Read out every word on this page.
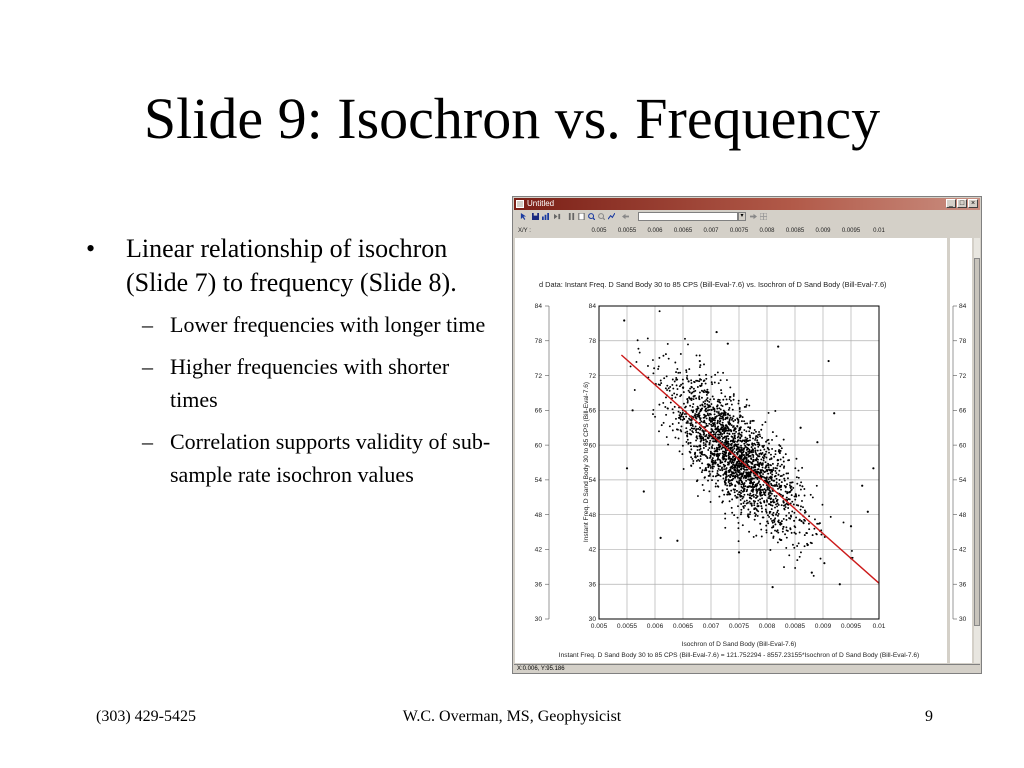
Slide 9: Isochron vs. Frequency
• Linear relationship of isochron (Slide 7) to frequency (Slide 8).
– Lower frequencies with longer time
– Higher frequencies with shorter times
– Correlation supports validity of sub-sample rate isochron values
(303) 429-5425	W.C. Overman, MS, Geophysicist	9
Untitled	_ □ ×
▾
X/Y :	0.005 0.0055 0.006 0.0065 0.007 0.0075 0.008 0.0085 0.009 0.0095 0.01
d Data: Instant Freq. D Sand Body 30 to 85 CPS (Bill-Eval-7.6) vs. Isochron of D Sand Body (Bill-Eval-7.6)
30
36
42
48
54
60
66
72
78
84
0.005 0.0055 0.006 0.0065 0.007 0.0075 0.008 0.0085 0.009 0.0095 0.01
30
36
42
48
54
60
66
72
78
84
Isochron of D Sand Body (Bill-Eval-7.6)
Instant Freq. D Sand Body 30 to 85 CPS (Bill-Eval-7.6) = 121.752294 - 8557.23155*Isochron of D Sand Body (Bill-Eval-7.6)
Instant Freq. D Sand Body 30 to 85 CPS (Bill-Eval-7.6)
84
78
72
66
60
54
48
42
36
30
X:0.006, Y:95.186
